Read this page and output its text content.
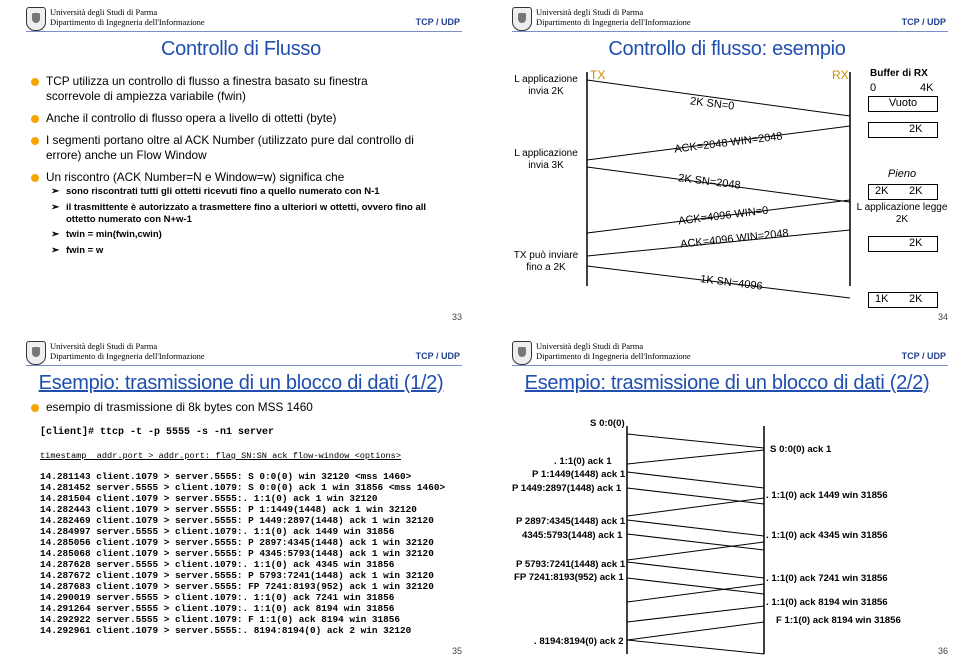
Università degli Studi di Parma
Dipartimento di Ingegneria dell'Informazione	TCP / UDP
Controllo di Flusso
TCP utilizza un controllo di flusso a finestra basato su finestra scorrevole di ampiezza variabile (fwin)
Anche il controllo di flusso opera a livello di ottetti (byte)
I segmenti portano oltre al ACK Number (utilizzato pure dal controllo di errore) anche un Flow Window
Un riscontro (ACK Number=N e Window=w) significa che
➢ sono riscontrati tutti gli ottetti ricevuti fino a quello numerato con N-1
➢ il trasmittente è autorizzato a trasmettere fino a ulteriori w ottetti, ovvero fino all ottetto numerato con N+w-1
➢ twin = min(fwin,cwin)
➢ fwin = w
33
Università degli Studi di Parma
Dipartimento di Ingegneria dell'Informazione	TCP / UDP
Controllo di flusso: esempio
L applicazione invia 2K
L applicazione invia 3K
TX può inviare fino a 2K
TX	RX
2K SN=0
ACK=2048 WIN=2048
2K SN=2048
ACK=4096 WIN=0
ACK=4096 WIN=2048
1K SN=4096
Buffer di RX
0	4K
Vuoto
2K
Pieno
2K 2K
L applicazione legge 2K
2K
1K 2K
34
Università degli Studi di Parma
Dipartimento di Ingegneria dell'Informazione	TCP / UDP
Esempio: trasmissione di un blocco di dati (1/2)
esempio di trasmissione di 8k bytes con MSS 1460
[client]# ttcp -t -p 5555 -s -n1 server
timestamp  addr.port > addr.port: flag SN:SN ack flow-window <options>
14.281143 client.1079 > server.5555: S 0:0(0) win 32120 <mss 1460>
14.281452 server.5555 > client.1079: S 0:0(0) ack 1 win 31856 <mss 1460>
14.281504 client.1079 > server.5555:. 1:1(0) ack 1 win 32120
14.282443 client.1079 > server.5555: P 1:1449(1448) ack 1 win 32120
14.282469 client.1079 > server.5555: P 1449:2897(1448) ack 1 win 32120
14.284997 server.5555 > client.1079:. 1:1(0) ack 1449 win 31856
14.285056 client.1079 > server.5555: P 2897:4345(1448) ack 1 win 32120
14.285068 client.1079 > server.5555: P 4345:5793(1448) ack 1 win 32120
14.287628 server.5555 > client.1079:. 1:1(0) ack 4345 win 31856
14.287672 client.1079 > server.5555: P 5793:7241(1448) ack 1 win 32120
14.287683 client.1079 > server.5555: FP 7241:8193(952) ack 1 win 32120
14.290019 server.5555 > client.1079:. 1:1(0) ack 7241 win 31856
14.291264 server.5555 > client.1079:. 1:1(0) ack 8194 win 31856
14.292922 server.5555 > client.1079: F 1:1(0) ack 8194 win 31856
14.292961 client.1079 > server.5555:. 8194:8194(0) ack 2 win 32120
35
Università degli Studi di Parma
Dipartimento di Ingegneria dell'Informazione	TCP / UDP
Esempio: trasmissione di un blocco di dati (2/2)
S 0:0(0)
. 1:1(0) ack 1
P 1:1449(1448) ack 1
P 1449:2897(1448) ack 1
P 2897:4345(1448) ack 1
4345:5793(1448) ack 1
P 5793:7241(1448) ack 1
FP 7241:8193(952) ack 1
. 8194:8194(0) ack 2
S 0:0(0) ack 1
. 1:1(0) ack 1449 win 31856
. 1:1(0) ack 4345 win 31856
. 1:1(0) ack 7241 win 31856
. 1:1(0) ack 8194 win 31856
F 1:1(0) ack 8194 win 31856
36
